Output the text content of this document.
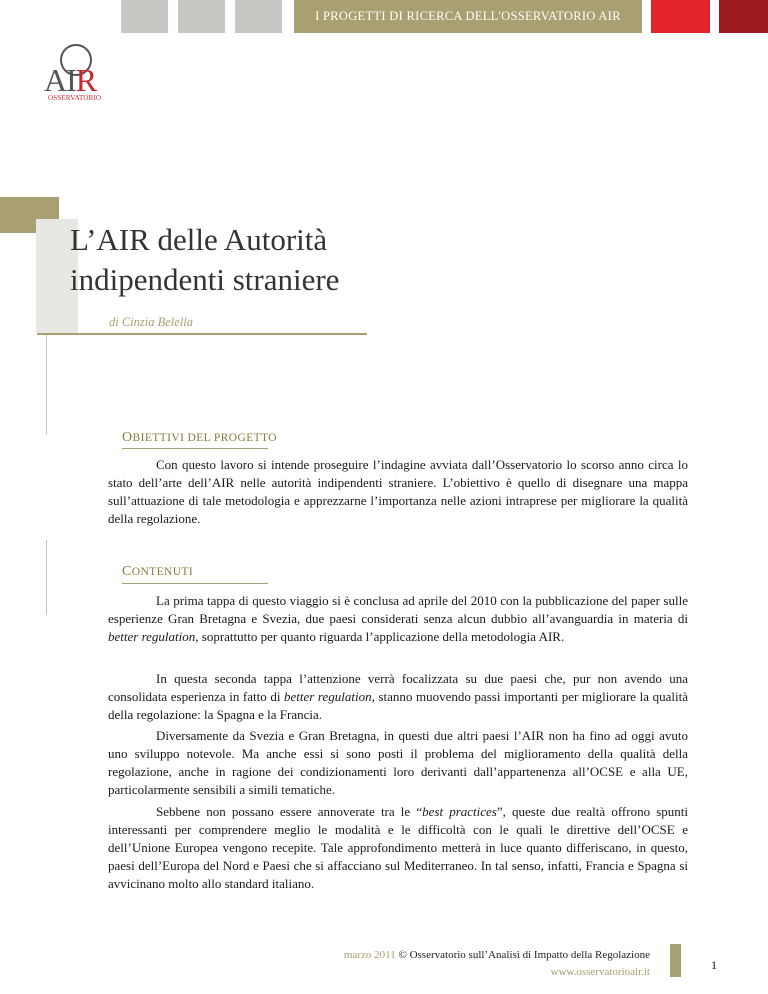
I PROGETTI DI RICERCA DELL'OSSERVATORIO AIR
AIR
OSSERVATORIO
L’AIR delle Autorità
indipendenti straniere
di Cinzia Belella
OBIETTIVI DEL PROGETTO

Con questo lavoro si intende proseguire l’indagine avviata dall’Osservatorio lo scorso anno circa lo stato dell’arte dell’AIR nelle autorità indipendenti straniere. L’obiettivo è quello di disegnare una mappa sull’attuazione di tale metodologia e apprezzarne l’importanza nelle azioni intraprese per migliorare la qualità della regolazione.

CONTENUTI

La prima tappa di questo viaggio si è conclusa ad aprile del 2010 con la pubblicazione del paper sulle esperienze Gran Bretagna e Svezia, due paesi considerati senza alcun dubbio all’avanguardia in materia di better regulation, soprattutto per quanto riguarda l’applicazione della metodologia AIR.

In questa seconda tappa l’attenzione verrà focalizzata su due paesi che, pur non avendo una consolidata esperienza in fatto di better regulation, stanno muovendo passi importanti per migliorare la qualità della regolazione: la Spagna e la Francia.

Diversamente da Svezia e Gran Bretagna, in questi due altri paesi l’AIR non ha fino ad oggi avuto uno sviluppo notevole. Ma anche essi si sono posti il problema del miglioramento della qualità della regolazione, anche in ragione dei condizionamenti loro derivanti dall’appartenenza all’OCSE e alla UE, particolarmente sensibili a simili tematiche.

Sebbene non possano essere annoverate tra le “best practices”, queste due realtà offrono spunti interessanti per comprendere meglio le modalità e le difficoltà con le quali le direttive dell’OCSE e dell’Unione Europea vengono recepite. Tale approfondimento metterà in luce quanto differiscano, in questo, paesi dell’Europa del Nord e Paesi che si affacciano sul Mediterraneo. In tal senso, infatti, Francia e Spagna si avvicinano molto allo standard italiano.

marzo 2011 © Osservatorio sull’Analisi di Impatto della Regolazione
www.osservatorioair.it	1
